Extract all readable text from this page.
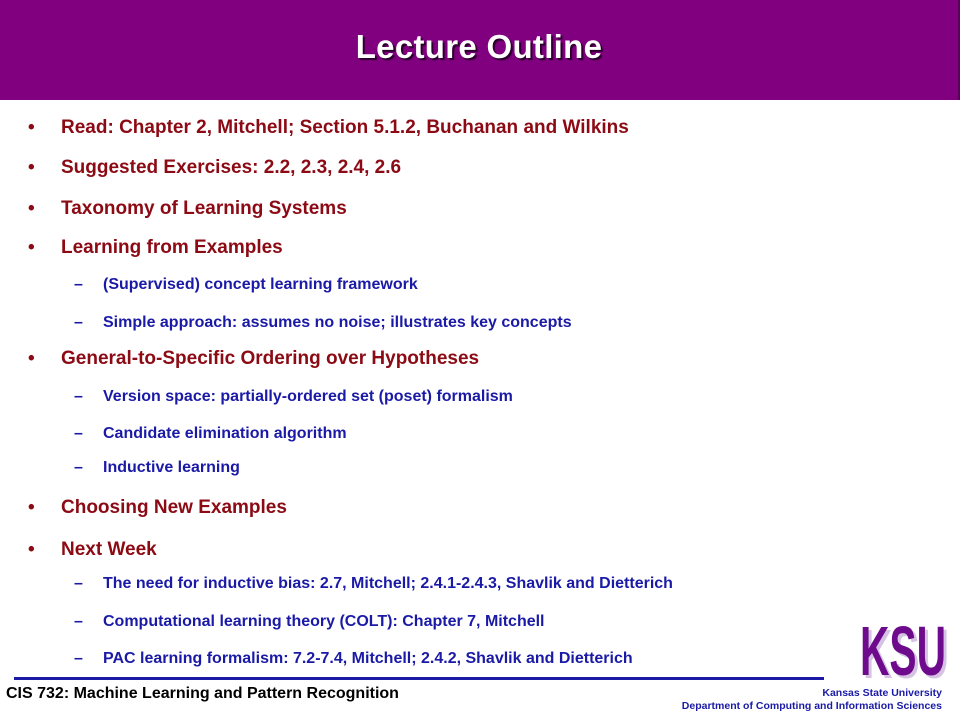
Lecture Outline
• Read: Chapter 2, Mitchell; Section 5.1.2, Buchanan and Wilkins
• Suggested Exercises: 2.2, 2.3, 2.4, 2.6
• Taxonomy of Learning Systems
• Learning from Examples
– (Supervised) concept learning framework
– Simple approach: assumes no noise; illustrates key concepts
• General-to-Specific Ordering over Hypotheses
– Version space: partially-ordered set (poset) formalism
– Candidate elimination algorithm
– Inductive learning
• Choosing New Examples
• Next Week
– The need for inductive bias: 2.7, Mitchell; 2.4.1-2.4.3, Shavlik and Dietterich
– Computational learning theory (COLT): Chapter 7, Mitchell
– PAC learning formalism: 7.2-7.4, Mitchell; 2.4.2, Shavlik and Dietterich	KSU
KSU
CIS 732: Machine Learning and Pattern Recognition	Kansas State University
Department of Computing and Information Sciences
